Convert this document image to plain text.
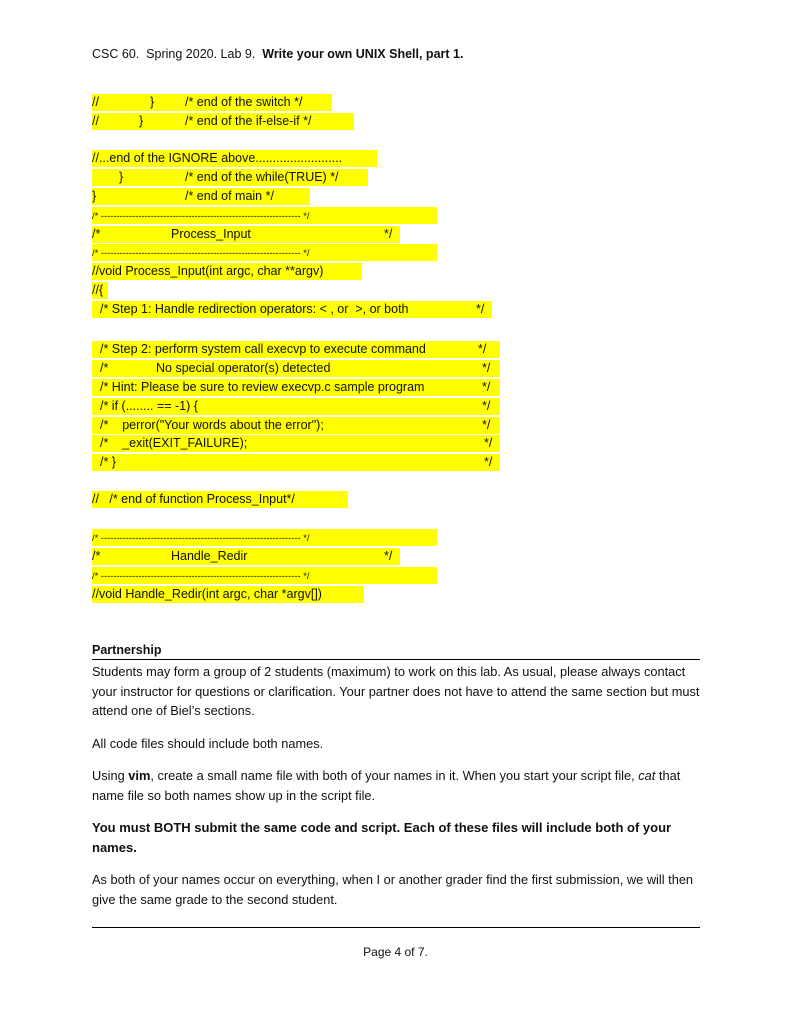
CSC 60.  Spring 2020. Lab 9.  Write your own UNIX Shell, part 1.

//

	}

/* end of the switch */

//

	}

	/* end of the if-else-if */

//...end of the IGNORE above.........................

}

	/* end of the while(TRUE) */

}

	/* end of main */

/* ---------------------------------------------------------------- */

/*

	Process_Input

	*/

/* ---------------------------------------------------------------- */
//void Process_Input(int argc, char **argv)
//{

/* Step 1: Handle redirection operators: < , or  >, or both

	*/

/* Step 2: perform system call execvp to execute command

	*/

/*

	No special operator(s) detected

	*/

/* Hint: Please be sure to review execvp.c sample program

	*/

/* if (........ == -1) {

	*/

/*    perror("Your words about the error");

	*/

/*    _exit(EXIT_FAILURE);

	*/

/* }

	*/

//   /* end of function Process_Input*/
/* ---------------------------------------------------------------- */

/*

	Handle_Redir

	*/

/* ---------------------------------------------------------------- */
//void Handle_Redir(int argc, char *argv[])
Partnership
Students may form a group of 2 students (maximum) to work on this lab. As usual, please always contact your instructor for questions or clarification. Your partner does not have to attend the same section but must attend one of Biel’s sections.
All code files should include both names.
Using vim, create a small name file with both of your names in it. When you start your script file, cat that name file so both names show up in the script file.
You must BOTH submit the same code and script. Each of these files will include both of your names.
As both of your names occur on everything, when I or another grader find the first submission, we will then give the same grade to the second student.
Page 4 of 7.
